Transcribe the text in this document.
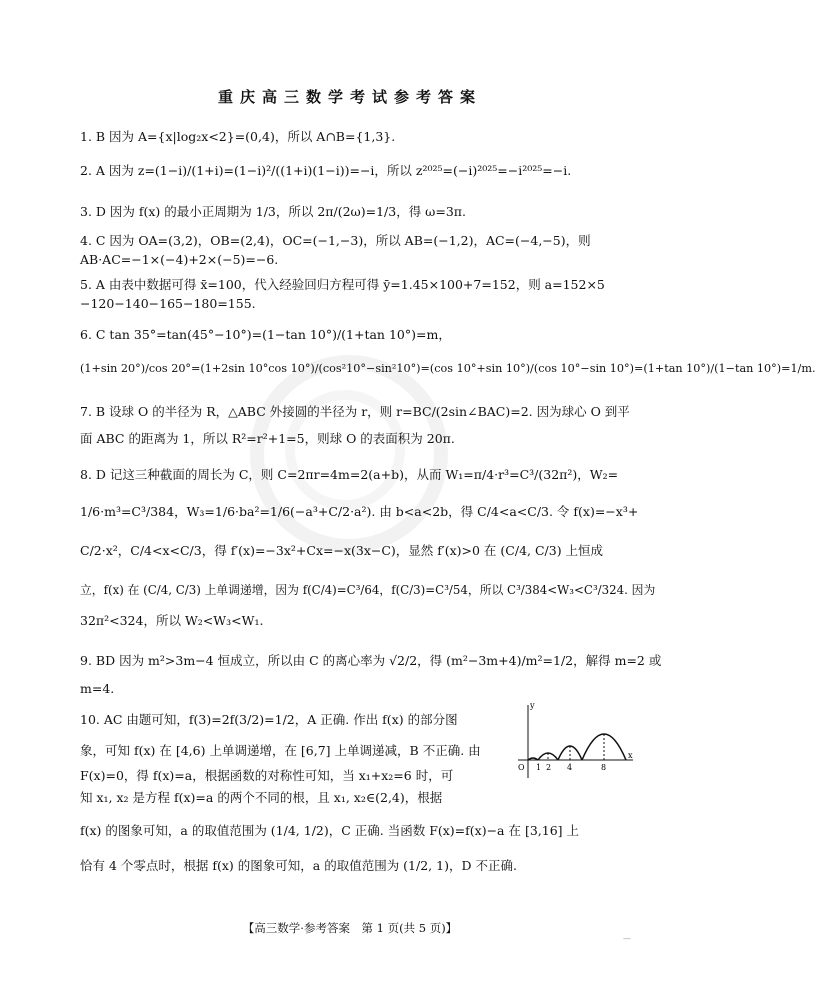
重庆高三数学考试参考答案
1. B 因为 A={x|log₂x<2}=(0,4)，所以 A∩B={1,3}.
2. A 因为 z=(1−i)/(1+i)=(1−i)²/((1+i)(1−i))=−i，所以 z²⁰²⁵=(−i)²⁰²⁵=−i²⁰²⁵=−i.
3. D 因为 f(x) 的最小正周期为 1/3，所以 2π/(2ω)=1/3，得 ω=3π.
4. C 因为 OA=(3,2)，OB=(2,4)，OC=(−1,−3)，所以 AB=(−1,2)，AC=(−4,−5)，则
AB·AC=−1×(−4)+2×(−5)=−6.
5. A 由表中数据可得 x̄=100，代入经验回归方程可得 ȳ=1.45×100+7=152，则 a=152×5
−120−140−165−180=155.
6. C tan 35°=tan(45°−10°)=(1−tan 10°)/(1+tan 10°)=m，
(1+sin 20°)/cos 20°=(1+2sin 10°cos 10°)/(cos²10°−sin²10°)=(cos 10°+sin 10°)/(cos 10°−sin 10°)=(1+tan 10°)/(1−tan 10°)=1/m.
7. B 设球 O 的半径为 R，△ABC 外接圆的半径为 r，则 r=BC/(2sin∠BAC)=2. 因为球心 O 到平
面 ABC 的距离为 1，所以 R²=r²+1=5，则球 O 的表面积为 20π.
8. D 记这三种截面的周长为 C，则 C=2πr=4m=2(a+b)，从而 W₁=π/4·r³=C³/(32π²)，W₂=
1/6·m³=C³/384，W₃=1/6·ba²=1/6(−a³+C/2·a²). 由 b<a<2b，得 C/4<a<C/3. 令 f(x)=−x³+
C/2·x²，C/4<x<C/3，得 f′(x)=−3x²+Cx=−x(3x−C)，显然 f′(x)>0 在 (C/4, C/3) 上恒成
立，f(x) 在 (C/4, C/3) 上单调递增，因为 f(C/4)=C³/64，f(C/3)=C³/54，所以 C³/384<W₃<C³/324. 因为
32π²<324，所以 W₂<W₃<W₁.
9. BD 因为 m²>3m−4 恒成立，所以由 C 的离心率为 √2/2，得 (m²−3m+4)/m²=1/2，解得 m=2 或
m=4.
10. AC 由题可知，f(3)=2f(3/2)=1/2，A 正确. 作出 f(x) 的部分图
象，可知 f(x) 在 [4,6) 上单调递增，在 [6,7] 上单调递减，B 不正确. 由
F(x)=0，得 f(x)=a，根据函数的对称性可知，当 x₁+x₂=6 时，可
知 x₁, x₂ 是方程 f(x)=a 的两个不同的根，且 x₁, x₂∈(2,4)，根据
f(x) 的图象可知，a 的取值范围为 (1/4, 1/2)，C 正确. 当函数 F(x)=f(x)−a 在 [3,16] 上
恰有 4 个零点时，根据 f(x) 的图象可知，a 的取值范围为 (1/2, 1)，D 不正确.
y
x
O 1 2 4	8
【高三数学·参考答案　第 1 页(共 5 页)】
—
